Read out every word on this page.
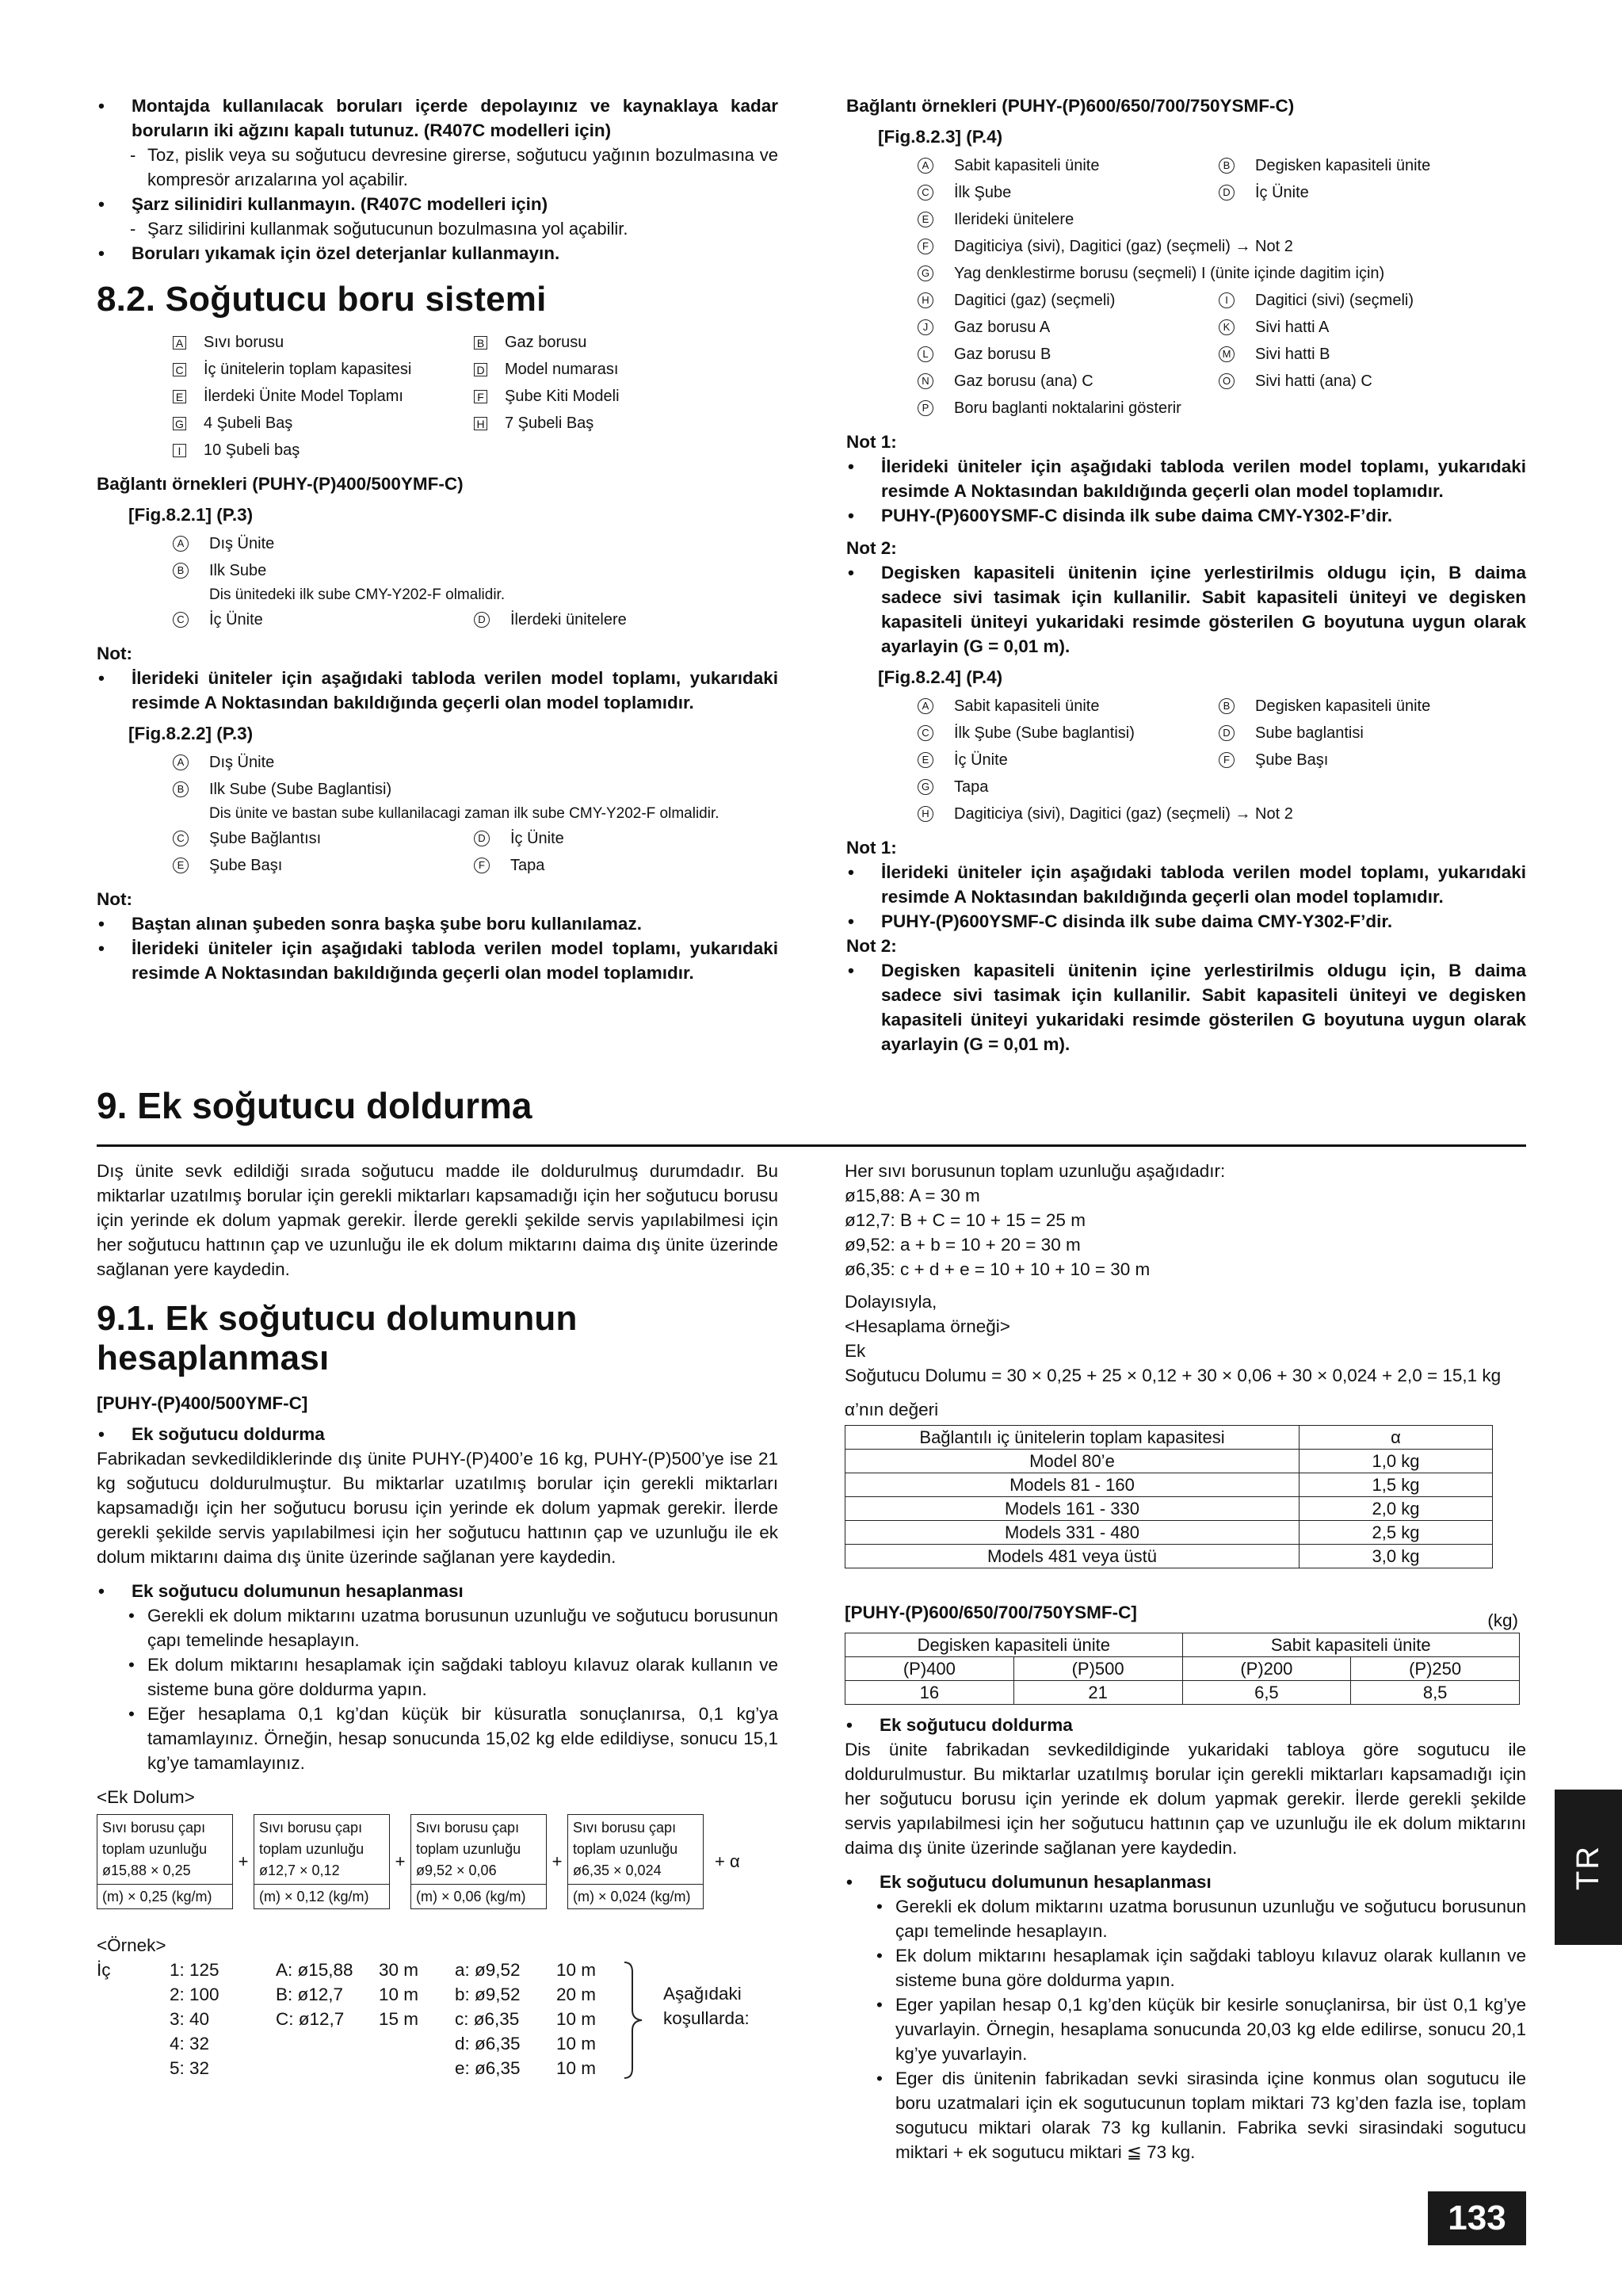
• Montajda kullanılacak boruları içerde depolayınız ve kaynaklaya kadar boruların iki ağzını kapalı tutunuz. (R407C modelleri için)

- Toz, pislik veya su soğutucu devresine girerse, soğutucu yağının bozulmasına ve kompresör arızalarına yol açabilir.

• Şarz silinidiri kullanmayın. (R407C modelleri için)

- Şarz silidirini kullanmak soğutucunun bozulmasına yol açabilir.

• Boruları yıkamak için özel deterjanlar kullanmayın.

8.2. Soğutucu boru sistemi
A Sıvı borusu	B Gaz borusu
C İç ünitelerin toplam kapasitesi	D Model numarası
E İlerdeki Ünite Model Toplamı	F Şube Kiti Modeli
G 4 Şubeli Baş	H 7 Şubeli Baş
I	10 Şubeli baş

Bağlantı örnekleri (PUHY-(P)400/500YMF-C)

[Fig.8.2.1] (P.3)
A Dış Ünite
B Ilk Sube
Dis ünitedeki ilk sube CMY-Y202-F olmalidir.
C İç Ünite	D İlerdeki ünitelere

Not:

• İlerideki üniteler için aşağıdaki tabloda verilen model toplamı, yukarıdaki resimde A Noktasından bakıldığında geçerli olan model toplamıdır.

[Fig.8.2.2] (P.3)
A Dış Ünite
B Ilk Sube (Sube Baglantisi)
Dis ünite ve bastan sube kullanilacagi zaman ilk sube CMY-Y202-F olmalidir.
C Şube Bağlantısı	D İç Ünite
E Şube Başı	F	Tapa

Not:

• Baştan alınan şubeden sonra başka şube boru kullanılamaz.

• İlerideki üniteler için aşağıdaki tabloda verilen model toplamı, yukarıdaki resimde A Noktasından bakıldığında geçerli olan model toplamıdır.

Bağlantı örnekleri (PUHY-(P)600/650/700/750YSMF-C)

[Fig.8.2.3] (P.4)
A Sabit kapasiteli ünite	B Degisken kapasiteli ünite
C İlk Şube	D İç Ünite
E Ilerideki ünitelere
F	Dagiticiya (sivi), Dagitici (gaz) (seçmeli) → Not 2
G Yag denklestirme borusu (seçmeli) I (ünite içinde dagitim için)
H Dagitici (gaz) (seçmeli)	I	Dagitici (sivi) (seçmeli)
J	Gaz borusu A	K Sivi hatti A
L	Gaz borusu B	M Sivi hatti B
N Gaz borusu (ana) C	O Sivi hatti (ana) C
P Boru baglanti noktalarini gösterir

Not 1:

• İlerideki üniteler için aşağıdaki tabloda verilen model toplamı, yukarıdaki resimde A Noktasından bakıldığında geçerli olan model toplamıdır.

• PUHY-(P)600YSMF-C disinda ilk sube daima CMY-Y302-F’dir.

Not 2:

• Degisken kapasiteli ünitenin içine yerlestirilmis oldugu için, B daima sadece sivi tasimak için kullanilir. Sabit kapasiteli üniteyi ve degisken kapasiteli üniteyi yukaridaki resimde gösterilen G boyutuna uygun olarak ayarlayin (G = 0,01 m).

[Fig.8.2.4] (P.4)
A Sabit kapasiteli ünite	B Degisken kapasiteli ünite
C İlk Şube (Sube baglantisi)	D Sube baglantisi
E İç Ünite	F	Şube Başı
G Tapa
H Dagiticiya (sivi), Dagitici (gaz) (seçmeli) → Not 2

Not 1:

• İlerideki üniteler için aşağıdaki tabloda verilen model toplamı, yukarıdaki resimde A Noktasından bakıldığında geçerli olan model toplamıdır.

• PUHY-(P)600YSMF-C disinda ilk sube daima CMY-Y302-F’dir.

Not 2:

• Degisken kapasiteli ünitenin içine yerlestirilmis oldugu için, B daima sadece sivi tasimak için kullanilir. Sabit kapasiteli üniteyi ve degisken kapasiteli üniteyi yukaridaki resimde gösterilen G boyutuna uygun olarak ayarlayin (G = 0,01 m).

9. Ek soğutucu doldurma

Dış ünite sevk edildiği sırada soğutucu madde ile doldurulmuş durumdadır. Bu miktarlar uzatılmış borular için gerekli miktarları kapsamadığı için her soğutucu borusu için yerinde ek dolum yapmak gerekir. İlerde gerekli şekilde servis yapılabilmesi için her soğutucu hattının çap ve uzunluğu ile ek dolum miktarını daima dış ünite üzerinde sağlanan yere kaydedin.

9.1. Ek soğutucu dolumunun hesaplanması

[PUHY-(P)400/500YMF-C]

• Ek soğutucu doldurma

Fabrikadan sevkedildiklerinde dış ünite PUHY-(P)400’e 16 kg, PUHY-(P)500’ye ise 21 kg soğutucu doldurulmuştur. Bu miktarlar uzatılmış borular için gerekli miktarları kapsamadığı için her soğutucu borusu için yerinde ek dolum yapmak gerekir. İlerde gerekli şekilde servis yapılabilmesi için her soğutucu hattının çap ve uzunluğu ile ek dolum miktarını daima dış ünite üzerinde sağlanan yere kaydedin.

• Ek soğutucu dolumunun hesaplanması

• Gerekli ek dolum miktarını uzatma borusunun uzunluğu ve soğutucu borusunun çapı temelinde hesaplayın.

• Ek dolum miktarını hesaplamak için sağdaki tabloyu kılavuz olarak kullanın ve sisteme buna göre doldurma yapın.

• Eğer hesaplama 0,1 kg’dan küçük bir küsuratla sonuçlanırsa, 0,1 kg’ya tamamlayınız. Örneğin, hesap sonucunda 15,02 kg elde edildiyse, sonucu 15,1 kg’ye tamamlayınız.

<Ek Dolum>

Sıvı borusu çapı
toplam uzunluğu
ø15,88 × 0,25
(m) × 0,25 (kg/m)
+
Sıvı borusu çapı
toplam uzunluğu
ø12,7 × 0,12
(m) × 0,12 (kg/m)
+
Sıvı borusu çapı
toplam uzunluğu
ø9,52 × 0,06
(m) × 0,06 (kg/m)
+
Sıvı borusu çapı
toplam uzunluğu
ø6,35 × 0,024
(m) × 0,024 (kg/m)
+ α

<Örnek>

İç
Aşağıdaki
koşullarda:
1: 125	A: ø15,88 30 m a: ø9,52 10 m
2: 100	B: ø12,7 10 m b: ø9,52 20 m
3: 40	C: ø12,7 15 m c: ø6,35 10 m
4: 32	d: ø6,35 10 m
5: 32	e: ø6,35 10 m

Her sıvı borusunun toplam uzunluğu aşağıdadır:

ø15,88: A = 30 m

ø12,7: B + C = 10 + 15 = 25 m

ø9,52: a + b = 10 + 20 = 30 m

ø6,35: c + d + e = 10 + 10 + 10 = 30 m

Dolayısıyla,

<Hesaplama örneği>

Ek

Soğutucu Dolumu = 30 × 0,25 + 25 × 0,12 + 30 × 0,06 + 30 × 0,024 + 2,0 = 15,1 kg

α’nın değeri

Bağlantılı iç ünitelerin toplam kapasitesi	α
Model 80’e	1,0 kg
Models 81 - 160	1,5 kg
Models 161 - 330	2,0 kg
Models 331 - 480	2,5 kg
Models 481 veya üstü	3,0 kg

[PUHY-(P)600/650/700/750YSMF-C]	(kg)

Degisken kapasiteli ünite		Sabit kapasiteli ünite	
(P)400	(P)500	(P)200	(P)250
16	21	6,5	8,5

• Ek soğutucu doldurma

Dis ünite fabrikadan sevkedildiginde yukaridaki tabloya göre sogutucu ile doldurulmustur. Bu miktarlar uzatılmış borular için gerekli miktarları kapsamadığı için her soğutucu borusu için yerinde ek dolum yapmak gerekir. İlerde gerekli şekilde servis yapılabilmesi için her soğutucu hattının çap ve uzunluğu ile ek dolum miktarını daima dış ünite üzerinde sağlanan yere kaydedin.

• Ek soğutucu dolumunun hesaplanması

• Gerekli ek dolum miktarını uzatma borusunun uzunluğu ve soğutucu borusunun çapı temelinde hesaplayın.

• Ek dolum miktarını hesaplamak için sağdaki tabloyu kılavuz olarak kullanın ve sisteme buna göre doldurma yapın.

• Eger yapilan hesap 0,1 kg’den küçük bir kesirle sonuçlanirsa, bir üst 0,1 kg’ye yuvarlayin. Örnegin, hesaplama sonucunda 20,03 kg elde edilirse, sonucu 20,1 kg’ye yuvarlayin.

• Eger dis ünitenin fabrikadan sevki sirasinda içine konmus olan sogutucu ile boru uzatmalari için ek sogutucunun toplam miktari 73 kg’den fazla ise, toplam sogutucu miktari olarak 73 kg kullanin. Fabrika sevki sirasindaki sogutucu miktari + ek sogutucu miktari ≦ 73 kg.

TR
133
